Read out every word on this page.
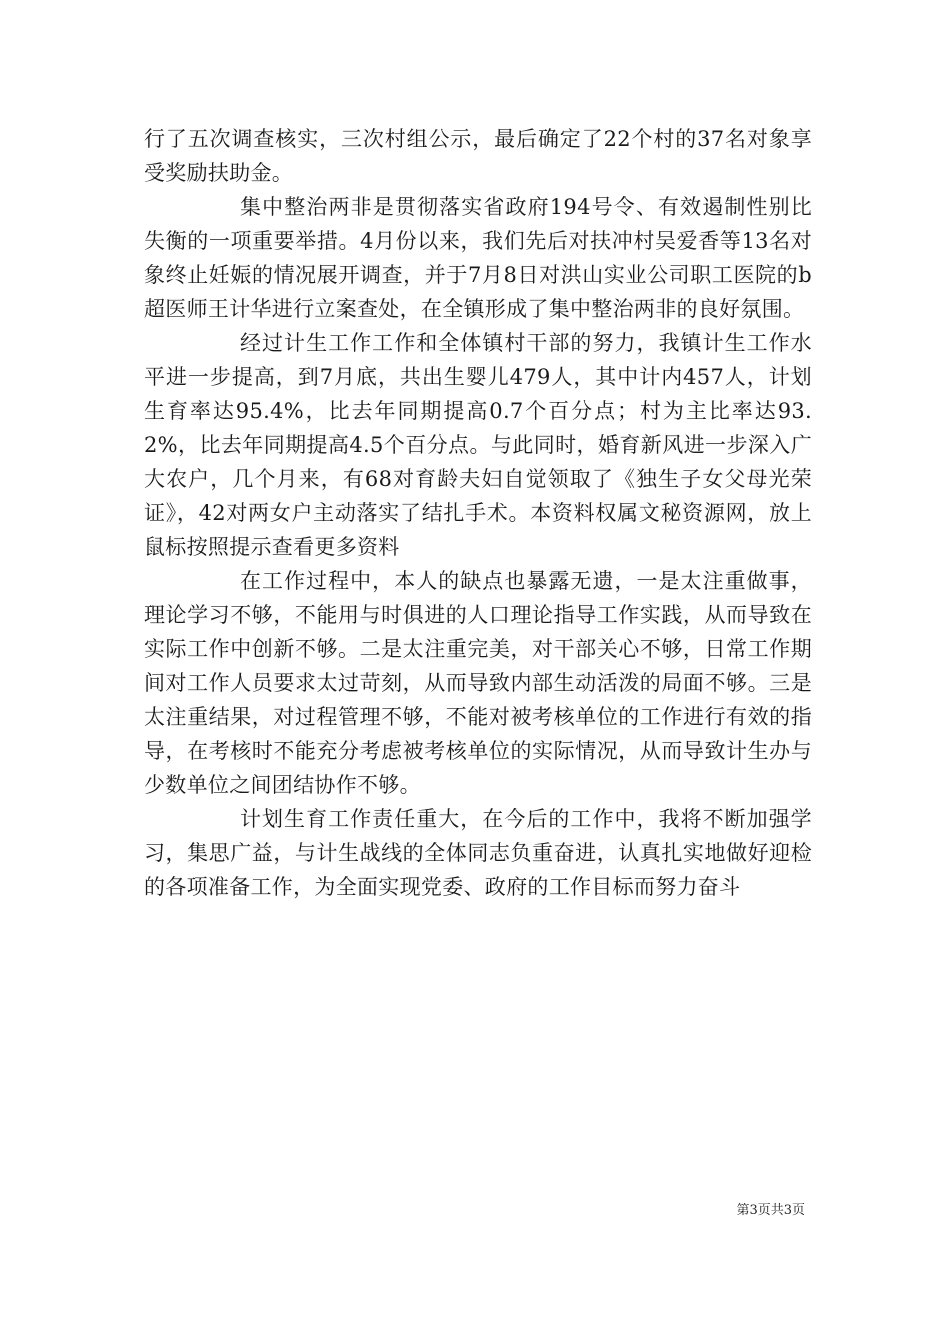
行了五次调查核实，三次村组公示，最后确定了22个村的37名对象享受奖励扶助金。

集中整治两非是贯彻落实省政府194号令、有效遏制性别比失衡的一项重要举措。4月份以来，我们先后对扶冲村吴爱香等13名对象终止妊娠的情况展开调查，并于7月8日对洪山实业公司职工医院的b超医师王计华进行立案查处，在全镇形成了集中整治两非的良好氛围。

经过计生工作工作和全体镇村干部的努力，我镇计生工作水平进一步提高，到7月底，共出生婴儿479人，其中计内457人，计划生育率达95.4%，比去年同期提高0.7个百分点；村为主比率达93.2%，比去年同期提高4.5个百分点。与此同时，婚育新风进一步深入广大农户，几个月来，有68对育龄夫妇自觉领取了《独生子女父母光荣证》，42对两女户主动落实了结扎手术。本资料权属文秘资源网，放上鼠标按照提示查看更多资料

在工作过程中，本人的缺点也暴露无遗，一是太注重做事，理论学习不够，不能用与时俱进的人口理论指导工作实践，从而导致在实际工作中创新不够。二是太注重完美，对干部关心不够，日常工作期间对工作人员要求太过苛刻，从而导致内部生动活泼的局面不够。三是太注重结果，对过程管理不够，不能对被考核单位的工作进行有效的指导，在考核时不能充分考虑被考核单位的实际情况，从而导致计生办与少数单位之间团结协作不够。

计划生育工作责任重大，在今后的工作中，我将不断加强学习，集思广益，与计生战线的全体同志负重奋进，认真扎实地做好迎检的各项准备工作，为全面实现党委、政府的工作目标而努力奋斗

第3页共3页
